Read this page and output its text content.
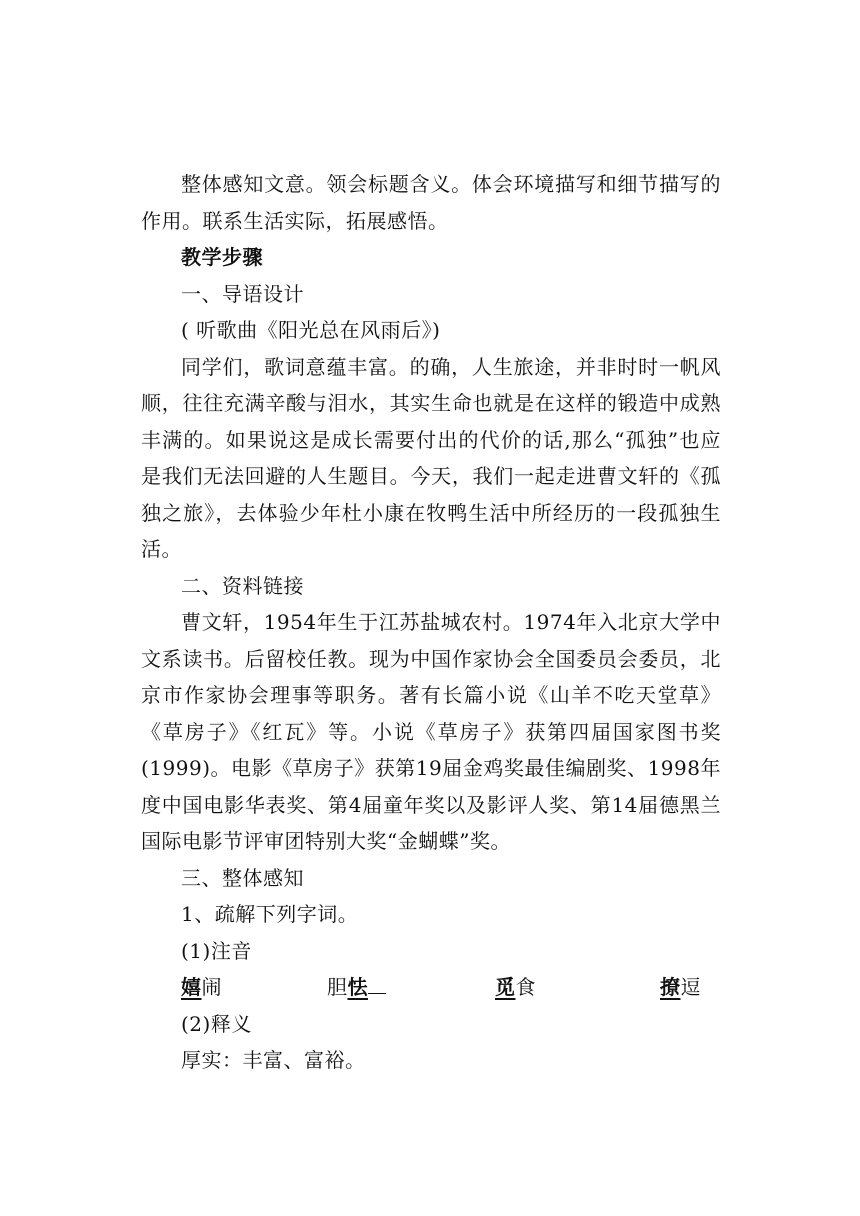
整体感知文意。领会标题含义。体会环境描写和细节描写的作用。联系生活实际，拓展感悟。

教学步骤

一、导语设计

( 听歌曲《阳光总在风雨后》)

同学们，歌词意蕴丰富。的确，人生旅途，并非时时一帆风顺，往往充满辛酸与泪水，其实生命也就是在这样的锻造中成熟丰满的。如果说这是成长需要付出的代价的话,那么“孤独”也应是我们无法回避的人生题目。今天，我们一起走进曹文轩的《孤独之旅》，去体验少年杜小康在牧鸭生活中所经历的一段孤独生活。

二、资料链接

曹文轩，1954年生于江苏盐城农村。1974年入北京大学中文系读书。后留校任教。现为中国作家协会全国委员会委员，北京市作家协会理事等职务。著有长篇小说《山羊不吃天堂草》《草房子》《红瓦》等。小说《草房子》获第四届国家图书奖(1999)。电影《草房子》获第19届金鸡奖最佳编剧奖、1998年度中国电影华表奖、第4届童年奖以及影评人奖、第14届德黑兰国际电影节评审团特别大奖“金蝴蝶”奖。

三、整体感知

1、疏解下列字词。

(1)注音

嬉闹	胆怯	觅食	撩逗

(2)释义

厚实：丰富、富裕。
